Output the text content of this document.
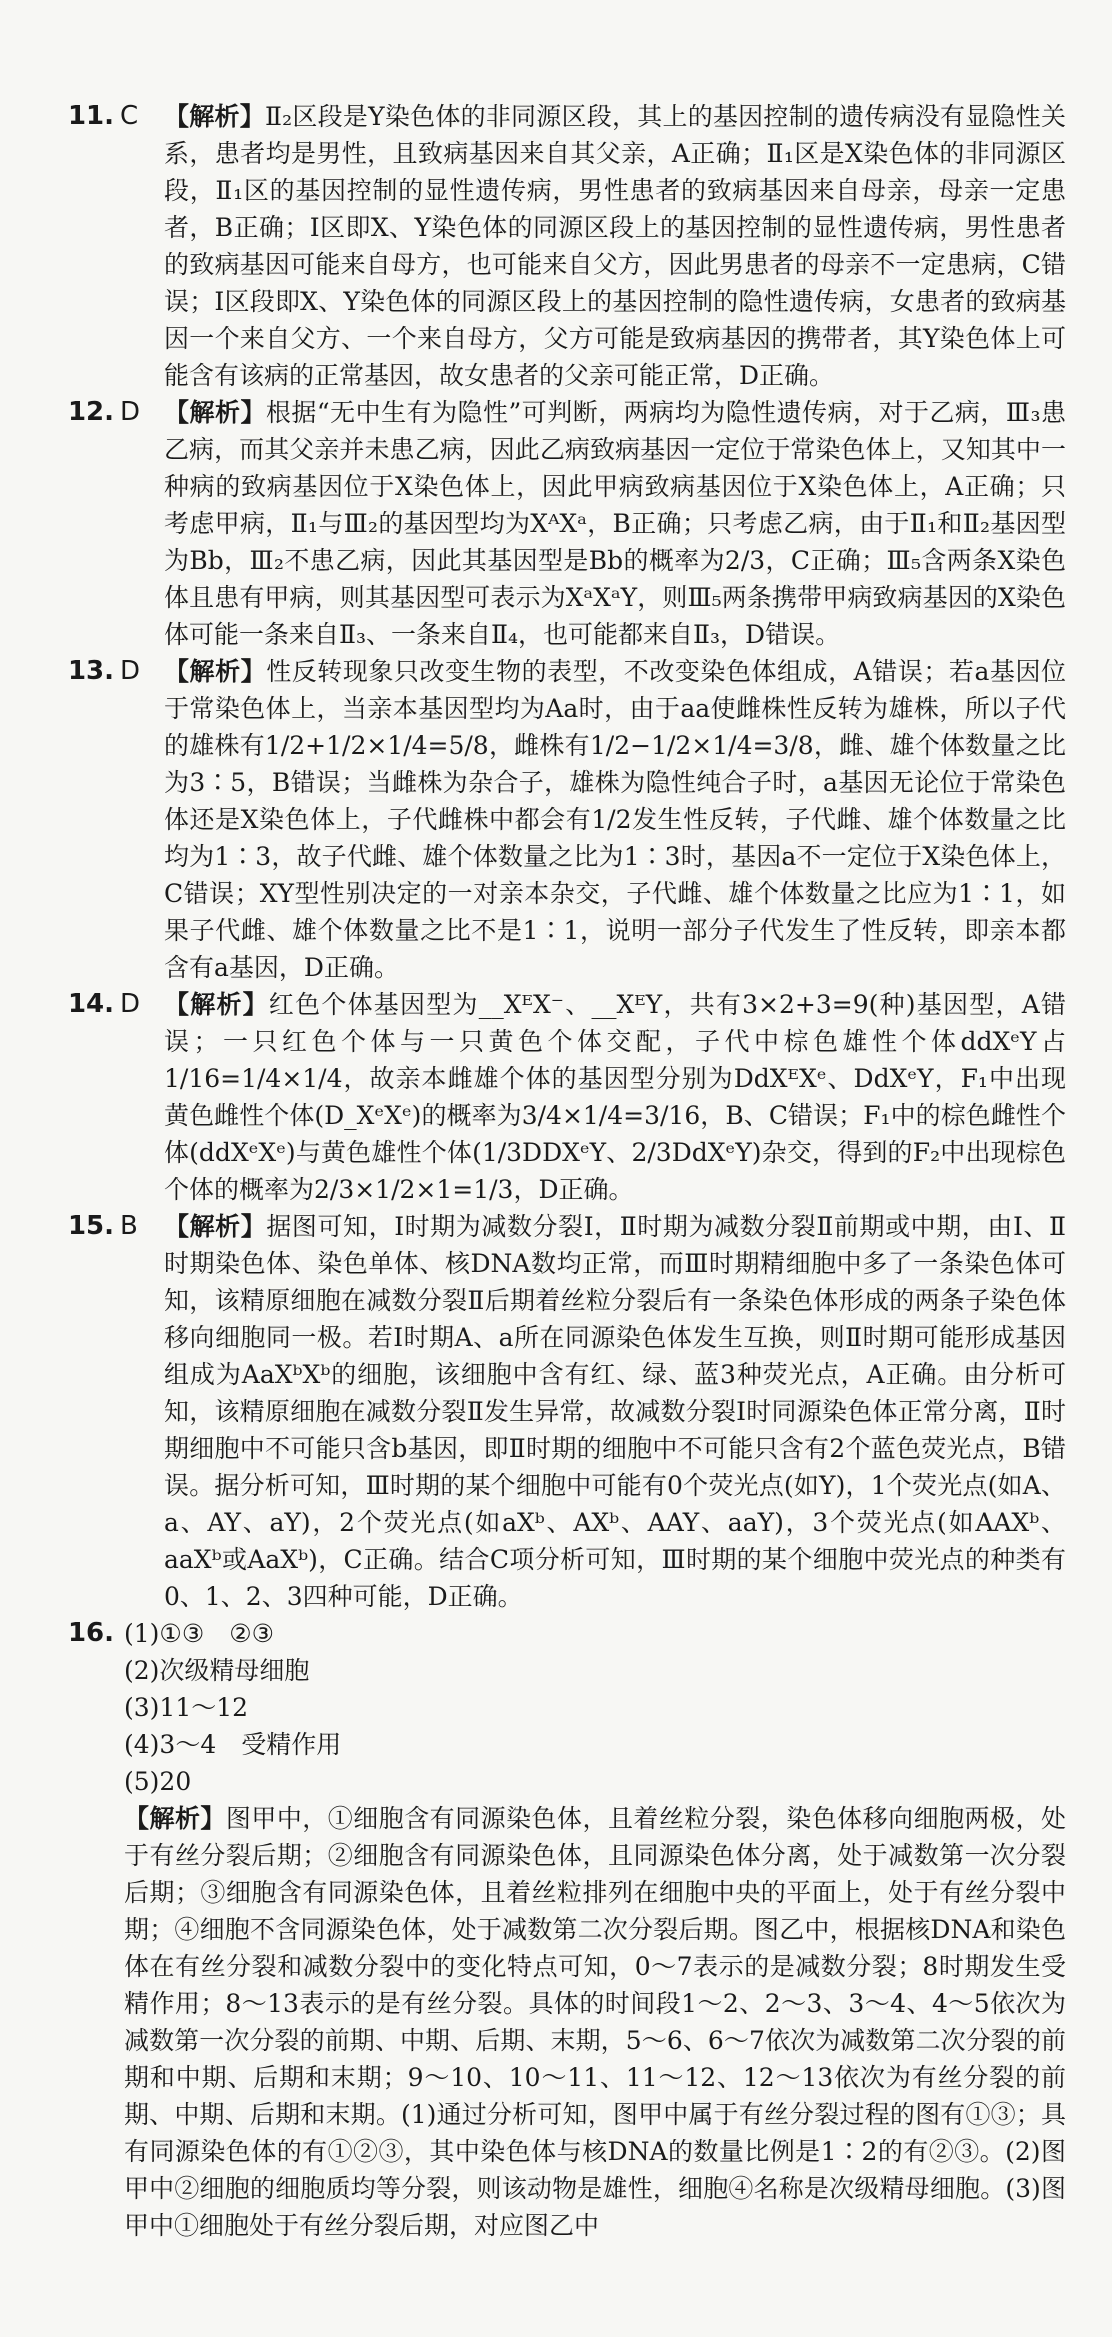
11. C 【解析】Ⅱ₂区段是Y染色体的非同源区段，其上的基因控制的遗传病没有显隐性关系，患者均是男性，且致病基因来自其父亲，A正确；Ⅱ₁区是X染色体的非同源区段，Ⅱ₁区的基因控制的显性遗传病，男性患者的致病基因来自母亲，母亲一定患者，B正确；Ⅰ区即X、Y染色体的同源区段上的基因控制的显性遗传病，男性患者的致病基因可能来自母方，也可能来自父方，因此男患者的母亲不一定患病，C错误；Ⅰ区段即X、Y染色体的同源区段上的基因控制的隐性遗传病，女患者的致病基因一个来自父方、一个来自母方，父方可能是致病基因的携带者，其Y染色体上可能含有该病的正常基因，故女患者的父亲可能正常，D正确。
12. D 【解析】根据“无中生有为隐性”可判断，两病均为隐性遗传病，对于乙病，Ⅲ₃患乙病，而其父亲并未患乙病，因此乙病致病基因一定位于常染色体上，又知其中一种病的致病基因位于X染色体上，因此甲病致病基因位于X染色体上，A正确；只考虑甲病，Ⅱ₁与Ⅲ₂的基因型均为XᴬXᵃ，B正确；只考虑乙病，由于Ⅱ₁和Ⅱ₂基因型为Bb，Ⅲ₂不患乙病，因此其基因型是Bb的概率为2/3，C正确；Ⅲ₅含两条X染色体且患有甲病，则其基因型可表示为XᵃXᵃY，则Ⅲ₅两条携带甲病致病基因的X染色体可能一条来自Ⅱ₃、一条来自Ⅱ₄，也可能都来自Ⅱ₃，D错误。
13. D 【解析】性反转现象只改变生物的表型，不改变染色体组成，A错误；若a基因位于常染色体上，当亲本基因型均为Aa时，由于aa使雌株性反转为雄株，所以子代的雄株有1/2+1/2×1/4=5/8，雌株有1/2−1/2×1/4=3/8，雌、雄个体数量之比为3∶5，B错误；当雌株为杂合子，雄株为隐性纯合子时，a基因无论位于常染色体还是X染色体上，子代雌株中都会有1/2发生性反转，子代雌、雄个体数量之比均为1∶3，故子代雌、雄个体数量之比为1∶3时，基因a不一定位于X染色体上，C错误；XY型性别决定的一对亲本杂交，子代雌、雄个体数量之比应为1∶1，如果子代雌、雄个体数量之比不是1∶1，说明一部分子代发生了性反转，即亲本都含有a基因，D正确。
14. D 【解析】红色个体基因型为__XᴱX⁻、__XᴱY，共有3×2+3=9(种)基因型，A错误；一只红色个体与一只黄色个体交配，子代中棕色雄性个体ddXᵉY占1/16=1/4×1/4，故亲本雌雄个体的基因型分别为DdXᴱXᵉ、DdXᵉY，F₁中出现黄色雌性个体(D_XᵉXᵉ)的概率为3/4×1/4=3/16，B、C错误；F₁中的棕色雌性个体(ddXᵉXᵉ)与黄色雄性个体(1/3DDXᵉY、2/3DdXᵉY)杂交，得到的F₂中出现棕色个体的概率为2/3×1/2×1=1/3，D正确。
15. B 【解析】据图可知，Ⅰ时期为减数分裂Ⅰ，Ⅱ时期为减数分裂Ⅱ前期或中期，由Ⅰ、Ⅱ时期染色体、染色单体、核DNA数均正常，而Ⅲ时期精细胞中多了一条染色体可知，该精原细胞在减数分裂Ⅱ后期着丝粒分裂后有一条染色体形成的两条子染色体移向细胞同一极。若Ⅰ时期A、a所在同源染色体发生互换，则Ⅱ时期可能形成基因组成为AaXᵇXᵇ的细胞，该细胞中含有红、绿、蓝3种荧光点，A正确。由分析可知，该精原细胞在减数分裂Ⅱ发生异常，故减数分裂Ⅰ时同源染色体正常分离，Ⅱ时期细胞中不可能只含b基因，即Ⅱ时期的细胞中不可能只含有2个蓝色荧光点，B错误。据分析可知，Ⅲ时期的某个细胞中可能有0个荧光点(如Y)，1个荧光点(如A、a、AY、aY)，2个荧光点(如aXᵇ、AXᵇ、AAY、aaY)，3个荧光点(如AAXᵇ、aaXᵇ或AaXᵇ)，C正确。结合C项分析可知，Ⅲ时期的某个细胞中荧光点的种类有0、1、2、3四种可能，D正确。
16. (1)①③　②③
(2)次级精母细胞
(3)11～12
(4)3～4　受精作用
(5)20
【解析】图甲中，①细胞含有同源染色体，且着丝粒分裂，染色体移向细胞两极，处于有丝分裂后期；②细胞含有同源染色体，且同源染色体分离，处于减数第一次分裂后期；③细胞含有同源染色体，且着丝粒排列在细胞中央的平面上，处于有丝分裂中期；④细胞不含同源染色体，处于减数第二次分裂后期。图乙中，根据核DNA和染色体在有丝分裂和减数分裂中的变化特点可知，0～7表示的是减数分裂；8时期发生受精作用；8～13表示的是有丝分裂。具体的时间段1～2、2～3、3～4、4～5依次为减数第一次分裂的前期、中期、后期、末期，5～6、6～7依次为减数第二次分裂的前期和中期、后期和末期；9～10、10～11、11～12、12～13依次为有丝分裂的前期、中期、后期和末期。(1)通过分析可知，图甲中属于有丝分裂过程的图有①③；具有同源染色体的有①②③，其中染色体与核DNA的数量比例是1∶2的有②③。(2)图甲中②细胞的细胞质均等分裂，则该动物是雄性，细胞④名称是次级精母细胞。(3)图甲中①细胞处于有丝分裂后期，对应图乙中
